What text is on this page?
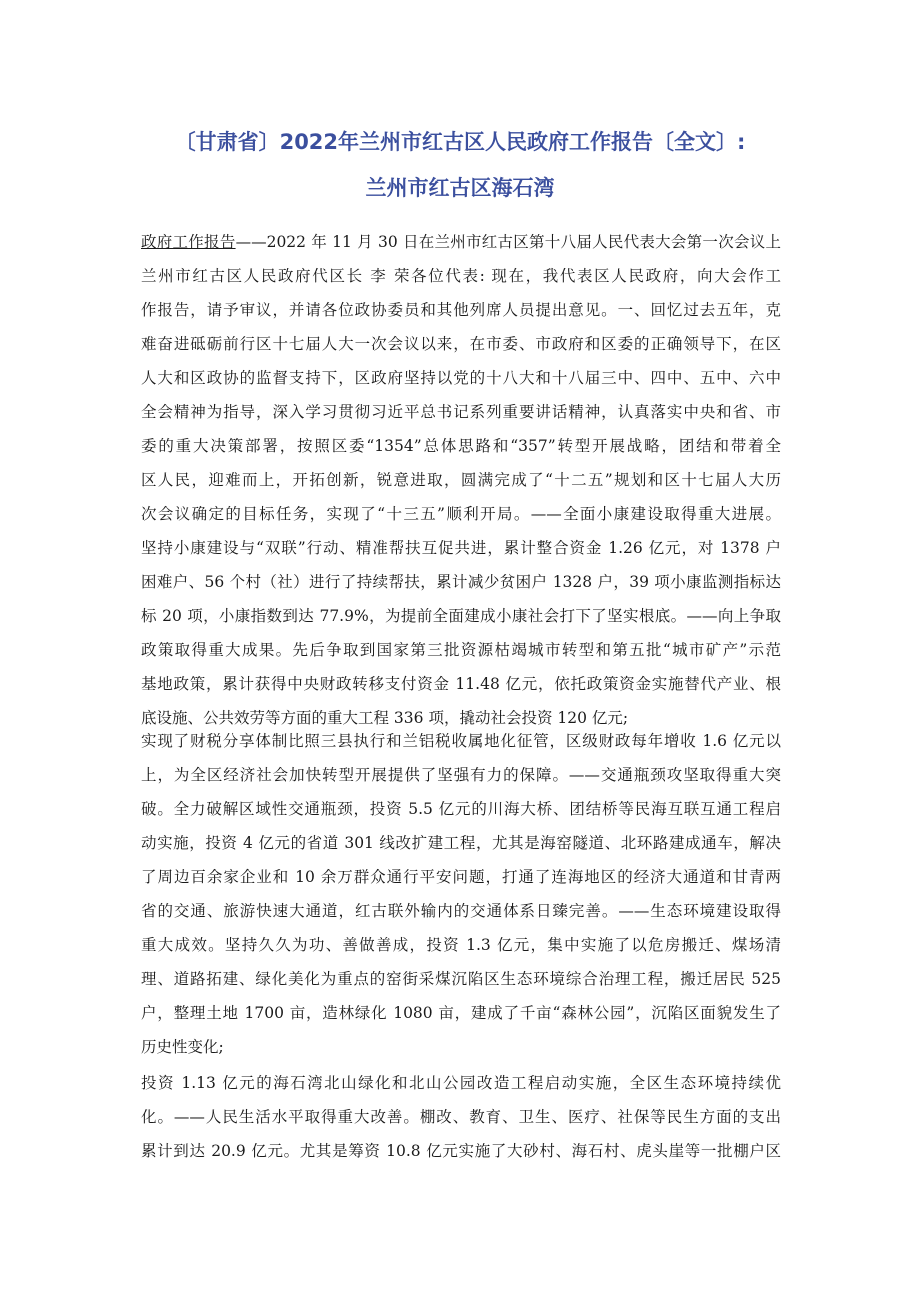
〔甘肃省〕2022年兰州市红古区人民政府工作报告〔全文〕:
兰州市红古区海石湾
政府工作报告——2022 年 11 月 30 日在兰州市红古区第十八届人民代表大会第一次会议上
兰州市红古区人民政府代区长 李 荣各位代表: 现在，我代表区人民政府，向大会作工
作报告，请予审议，并请各位政协委员和其他列席人员提出意见。一、回忆过去五年，克
难奋进砥砺前行区十七届人大一次会议以来，在市委、市政府和区委的正确领导下，在区
人大和区政协的监督支持下，区政府坚持以党的十八大和十八届三中、四中、五中、六中
全会精神为指导，深入学习贯彻习近平总书记系列重要讲话精神，认真落实中央和省、市
委的重大决策部署，按照区委“1354”总体思路和“357”转型开展战略，团结和带着全
区人民，迎难而上，开拓创新，锐意进取，圆满完成了“十二五”规划和区十七届人大历
次会议确定的目标任务，实现了“十三五”顺利开局。——全面小康建设取得重大进展。
坚持小康建设与“双联”行动、精准帮扶互促共进，累计整合资金 1.26 亿元，对 1378 户
困难户、56 个村（社）进行了持续帮扶，累计减少贫困户 1328 户，39 项小康监测指标达
标 20 项，小康指数到达 77.9%，为提前全面建成小康社会打下了坚实根底。——向上争取
政策取得重大成果。先后争取到国家第三批资源枯竭城市转型和第五批“城市矿产”示范
基地政策，累计获得中央财政转移支付资金 11.48 亿元，依托政策资金实施替代产业、根
底设施、公共效劳等方面的重大工程 336 项，撬动社会投资 120 亿元;
实现了财税分享体制比照三县执行和兰铝税收属地化征管，区级财政每年增收 1.6 亿元以
上，为全区经济社会加快转型开展提供了坚强有力的保障。——交通瓶颈攻坚取得重大突
破。全力破解区域性交通瓶颈，投资 5.5 亿元的川海大桥、团结桥等民海互联互通工程启
动实施，投资 4 亿元的省道 301 线改扩建工程，尤其是海窑隧道、北环路建成通车，解决
了周边百余家企业和 10 余万群众通行平安问题，打通了连海地区的经济大通道和甘青两
省的交通、旅游快速大通道，红古联外输内的交通体系日臻完善。——生态环境建设取得
重大成效。坚持久久为功、善做善成，投资 1.3 亿元，集中实施了以危房搬迁、煤场清
理、道路拓建、绿化美化为重点的窑街采煤沉陷区生态环境综合治理工程，搬迁居民 525
户，整理土地 1700 亩，造林绿化 1080 亩，建成了千亩“森林公园”，沉陷区面貌发生了
历史性变化;
投资 1.13 亿元的海石湾北山绿化和北山公园改造工程启动实施，全区生态环境持续优
化。——人民生活水平取得重大改善。棚改、教育、卫生、医疗、社保等民生方面的支出
累计到达 20.9 亿元。尤其是筹资 10.8 亿元实施了大砂村、海石村、虎头崖等一批棚户区
